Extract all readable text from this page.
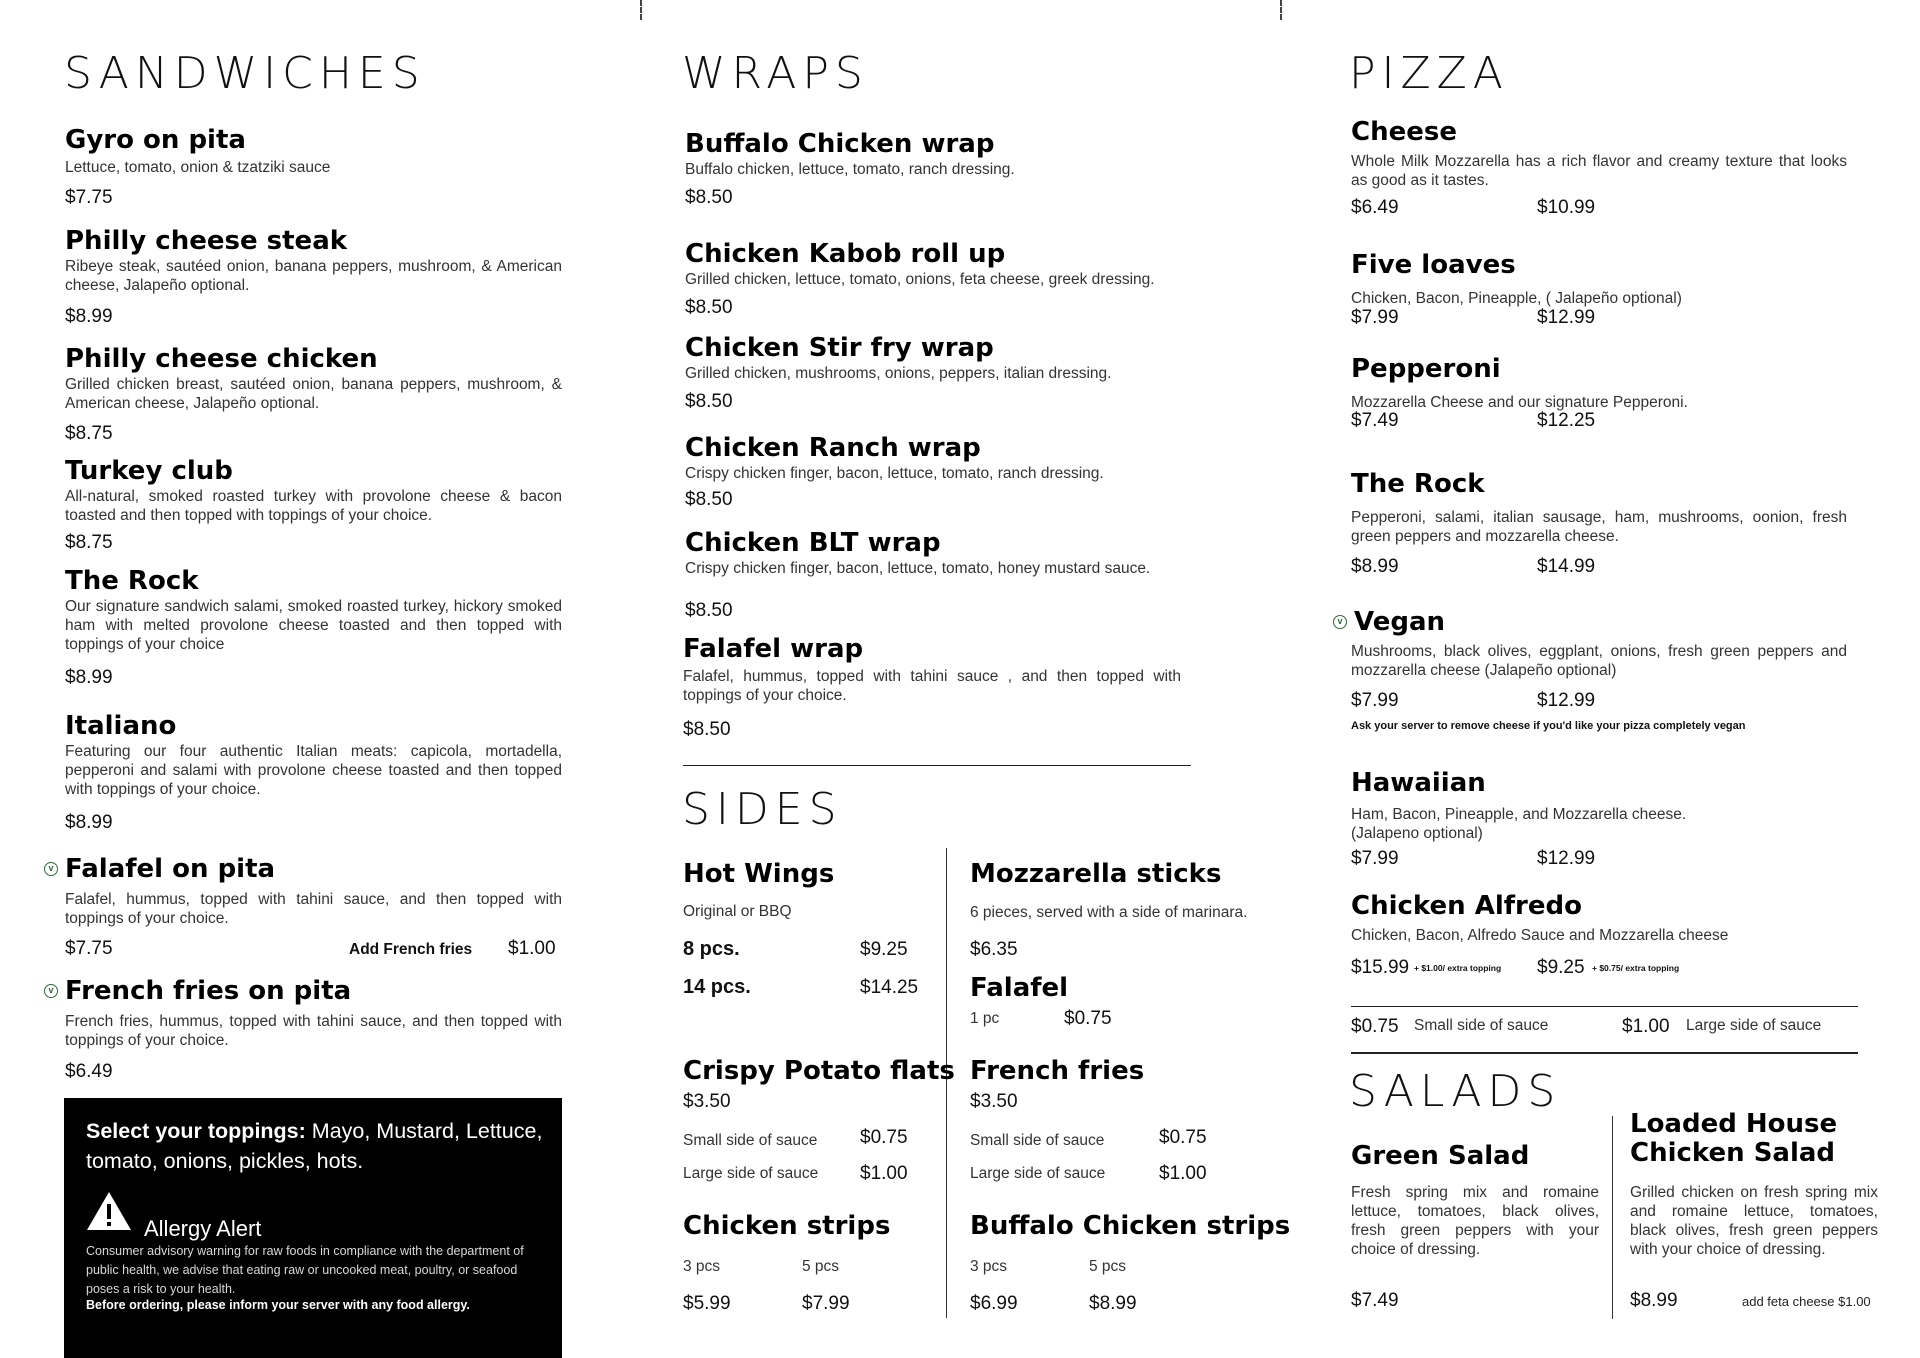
SANDWICHES
Gyro on pita
Lettuce, tomato, onion & tzatziki sauce
$7.75
Philly cheese steak
Ribeye steak, sautéed onion, banana peppers, mushroom, & American cheese, Jalapeño optional.
$8.99
Philly cheese chicken
Grilled chicken breast, sautéed onion, banana peppers, mushroom, & American cheese, Jalapeño optional.
$8.75
Turkey club
All-natural, smoked roasted turkey with provolone cheese & bacon toasted and then topped with toppings of your choice.
$8.75
The Rock
Our signature sandwich salami, smoked roasted turkey, hickory smoked ham with melted provolone cheese toasted and then topped with toppings of your choice
$8.99
Italiano
Featuring our four authentic Italian meats: capicola, mortadella, pepperoni and salami with provolone cheese toasted and then topped with toppings of your choice.
$8.99
v Falafel on pita
Falafel, hummus, topped with tahini sauce, and then topped with toppings of your choice.
$7.75	Add French fries $1.00
v French fries on pita
French fries, hummus, topped with tahini sauce, and then topped with toppings of your choice.
$6.49
Select your toppings: Mayo, Mustard, Lettuce, tomato, onions, pickles, hots.
Allergy Alert
Consumer advisory warning for raw foods in compliance with the department of public health, we advise that eating raw or uncooked meat, poultry, or seafood poses a risk to your health.
Before ordering, please inform your server with any food allergy.
WRAPS
Buffalo Chicken wrap
Buffalo chicken, lettuce, tomato, ranch dressing.
$8.50
Chicken Kabob roll up
Grilled chicken, lettuce, tomato, onions, feta cheese, greek dressing.
$8.50
Chicken Stir fry wrap
Grilled chicken, mushrooms, onions, peppers, italian dressing.
$8.50
Chicken Ranch wrap
Crispy chicken finger, bacon, lettuce, tomato, ranch dressing.
$8.50
Chicken BLT wrap
Crispy chicken finger, bacon, lettuce, tomato, honey mustard sauce.
$8.50
Falafel wrap
Falafel, hummus, topped with tahini sauce , and then topped with toppings of your choice.
$8.50
SIDES
Hot Wings
Original or BBQ
8 pcs.	$9.25
14 pcs.	$14.25
Mozzarella sticks
6 pieces, served with a side of marinara.
$6.35
Falafel
1 pc	$0.75
Crispy Potato flats
$3.50
Small side of sauce $0.75
Large side of sauce $1.00
French fries
$3.50
Small side of sauce	$0.75
Large side of sauce	$1.00
Chicken strips
3 pcs	5 pcs
$5.99	$7.99
Buffalo Chicken strips
3 pcs	5 pcs
$6.99	$8.99
PIZZA
Cheese
Whole Milk Mozzarella has a rich flavor and creamy texture that looks as good as it tastes.
$6.49	$10.99
Five loaves
Chicken, Bacon, Pineapple, ( Jalapeño optional)
$7.99	$12.99
Pepperoni
Mozzarella Cheese and our signature Pepperoni.
$7.49	$12.25
The Rock
Pepperoni, salami, italian sausage, ham, mushrooms, oonion, fresh green peppers and mozzarella cheese.
$8.99	$14.99
v Vegan
Mushrooms, black olives, eggplant, onions, fresh green peppers and mozzarella cheese (Jalapeño optional)
$7.99	$12.99
Ask your server to remove cheese if you'd like your pizza completely vegan
Hawaiian
Ham, Bacon, Pineapple, and Mozzarella cheese. (Jalapeno optional)
$7.99	$12.99
Chicken Alfredo
Chicken, Bacon, Alfredo Sauce and Mozzarella cheese
$15.99 + $1.00/ extra topping $9.25 + $0.75/ extra topping
$0.75 Small side of sauce	$1.00 Large side of sauce
SALADS
Green Salad
Fresh spring mix and romaine lettuce, tomatoes, black olives, fresh green peppers with your choice of dressing.
$7.49
Loaded House
Chicken Salad
Grilled chicken on fresh spring mix and romaine lettuce, tomatoes, black olives, fresh green peppers with your choice of dressing.
$8.99	add feta cheese $1.00
